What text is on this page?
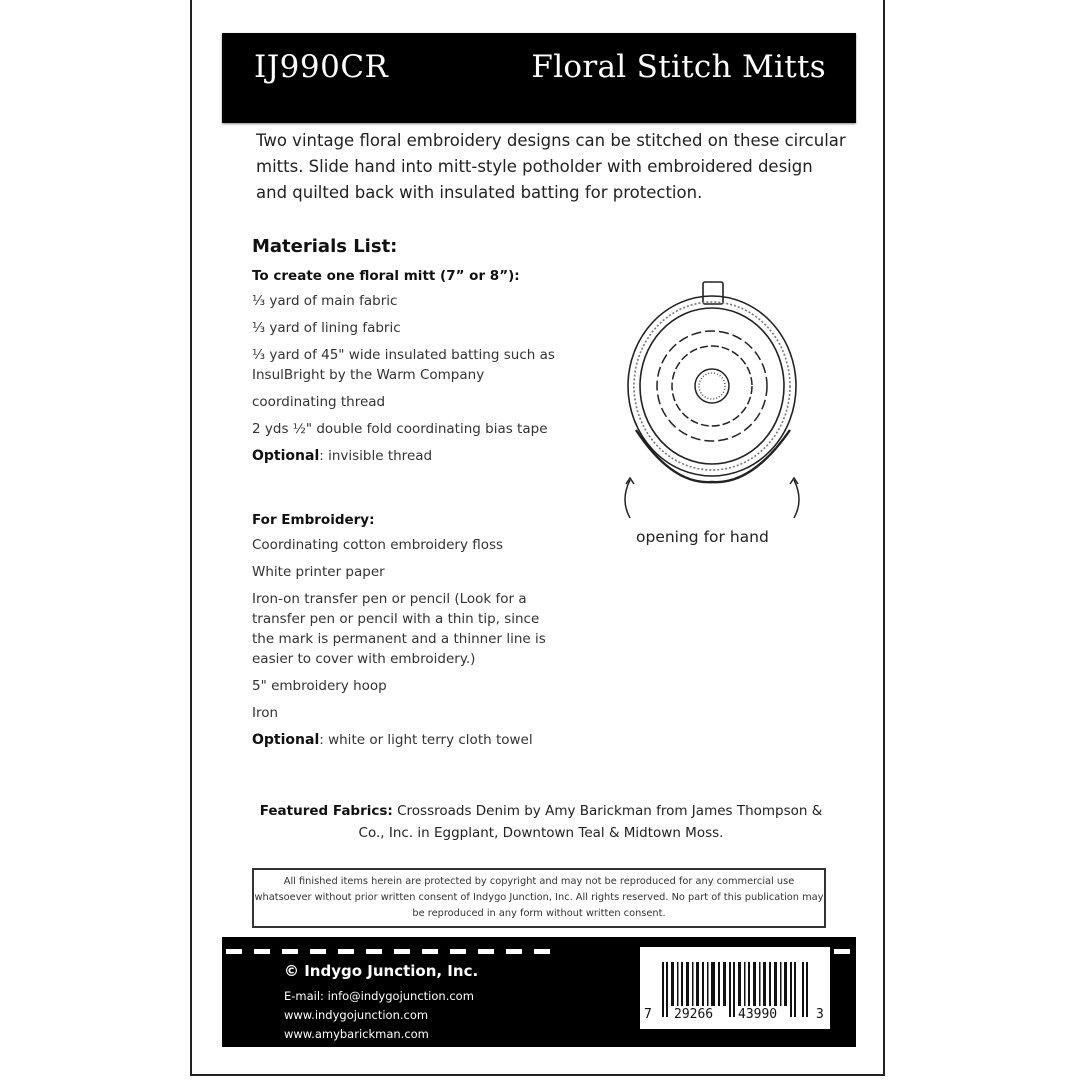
IJ990CR	Floral Stitch Mitts
Two vintage floral embroidery designs can be stitched on these circular mitts. Slide hand into mitt-style potholder with embroidered design and quilted back with insulated batting for protection.
Materials List:
To create one floral mitt (7” or 8”):
⅓ yard of main fabric
⅓ yard of lining fabric
⅓ yard of 45" wide insulated batting such as InsulBright by the Warm Company
coordinating thread
2 yds ½" double fold coordinating bias tape
Optional: invisible thread
For Embroidery:
Coordinating cotton embroidery floss
White printer paper
Iron-on transfer pen or pencil (Look for a transfer pen or pencil with a thin tip, since the mark is permanent and a thinner line is easier to cover with embroidery.)
5" embroidery hoop
Iron
Optional: white or light terry cloth towel
opening for hand
Featured Fabrics: Crossroads Denim by Amy Barickman from James Thompson & Co., Inc. in Eggplant, Downtown Teal & Midtown Moss.
All finished items herein are protected by copyright and may not be reproduced for any commercial use whatsoever without prior written consent of Indygo Junction, Inc. All rights reserved. No part of this publication may be reproduced in any form without written consent.
© Indygo Junction, Inc.
E-mail: info@indygojunction.com
www.indygojunction.com
www.amybarickman.com
7 29266 43990	3
